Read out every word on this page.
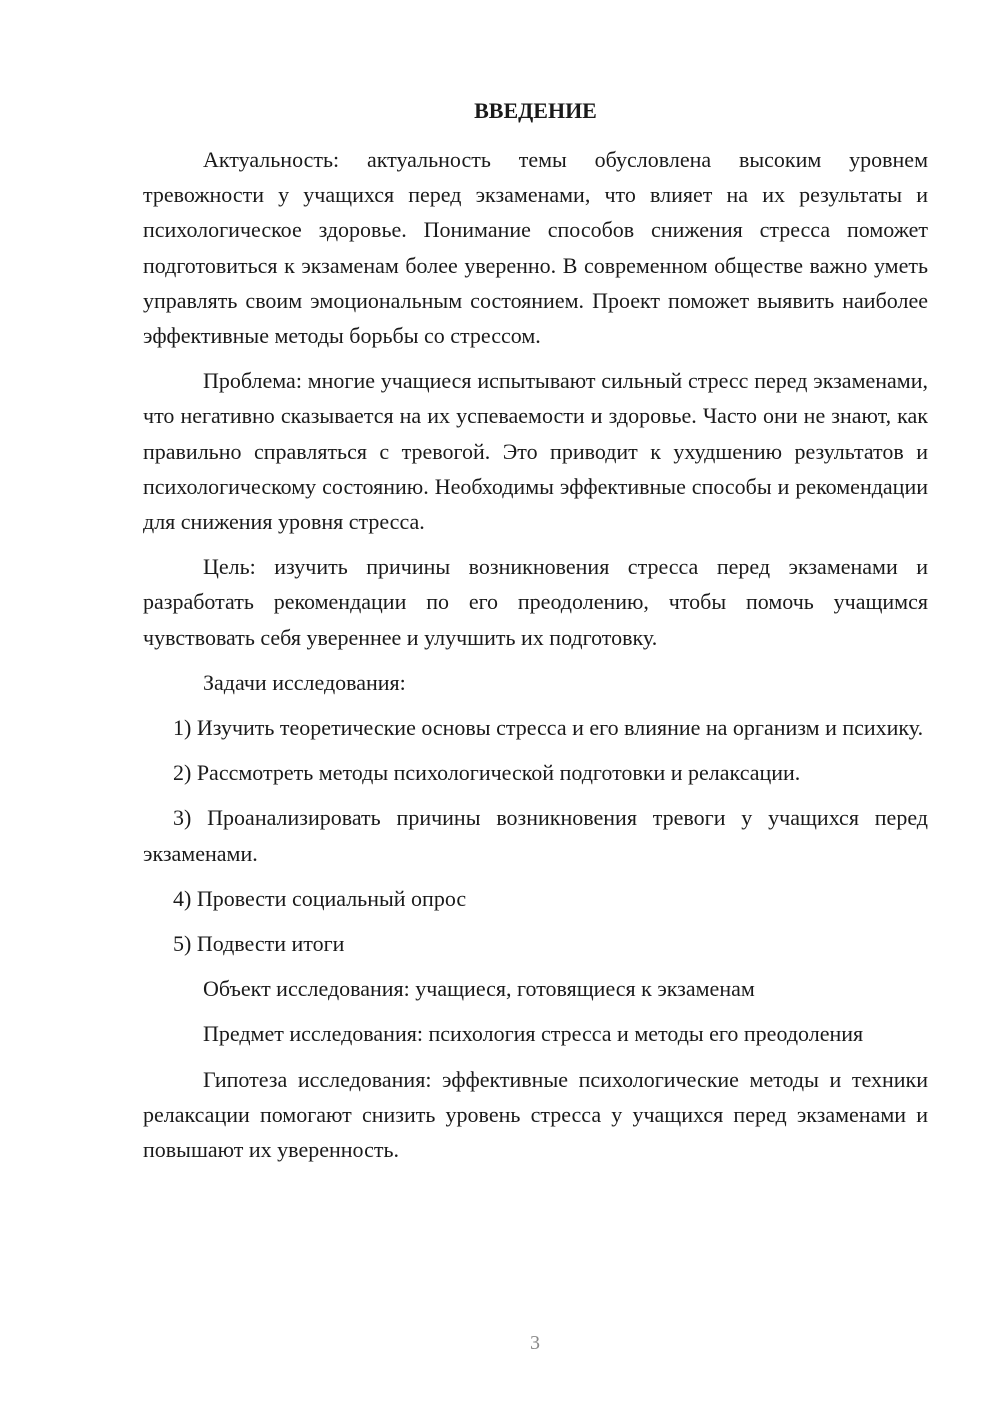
ВВЕДЕНИЕ

Актуальность: актуальность темы обусловлена высоким уровнем тревожности у учащихся перед экзаменами, что влияет на их результаты и психологическое здоровье. Понимание способов снижения стресса поможет подготовиться к экзаменам более уверенно. В современном обществе важно уметь управлять своим эмоциональным состоянием. Проект поможет выявить наиболее эффективные методы борьбы со стрессом.

Проблема: многие учащиеся испытывают сильный стресс перед экзаменами, что негативно сказывается на их успеваемости и здоровье. Часто они не знают, как правильно справляться с тревогой. Это приводит к ухудшению результатов и психологическому состоянию. Необходимы эффективные способы и рекомендации для снижения уровня стресса.

Цель: изучить причины возникновения стресса перед экзаменами и разработать рекомендации по его преодолению, чтобы помочь учащимся чувствовать себя увереннее и улучшить их подготовку.

Задачи исследования:

1) Изучить теоретические основы стресса и его влияние на организм и психику.

2) Рассмотреть методы психологической подготовки и релаксации.

3) Проанализировать причины возникновения тревоги у учащихся перед экзаменами.

4) Провести социальный опрос

5) Подвести итоги

Объект исследования: учащиеся, готовящиеся к экзаменам

Предмет исследования: психология стресса и методы его преодоления

Гипотеза исследования: эффективные психологические методы и техники релаксации помогают снизить уровень стресса у учащихся перед экзаменами и повышают их уверенность.

3
